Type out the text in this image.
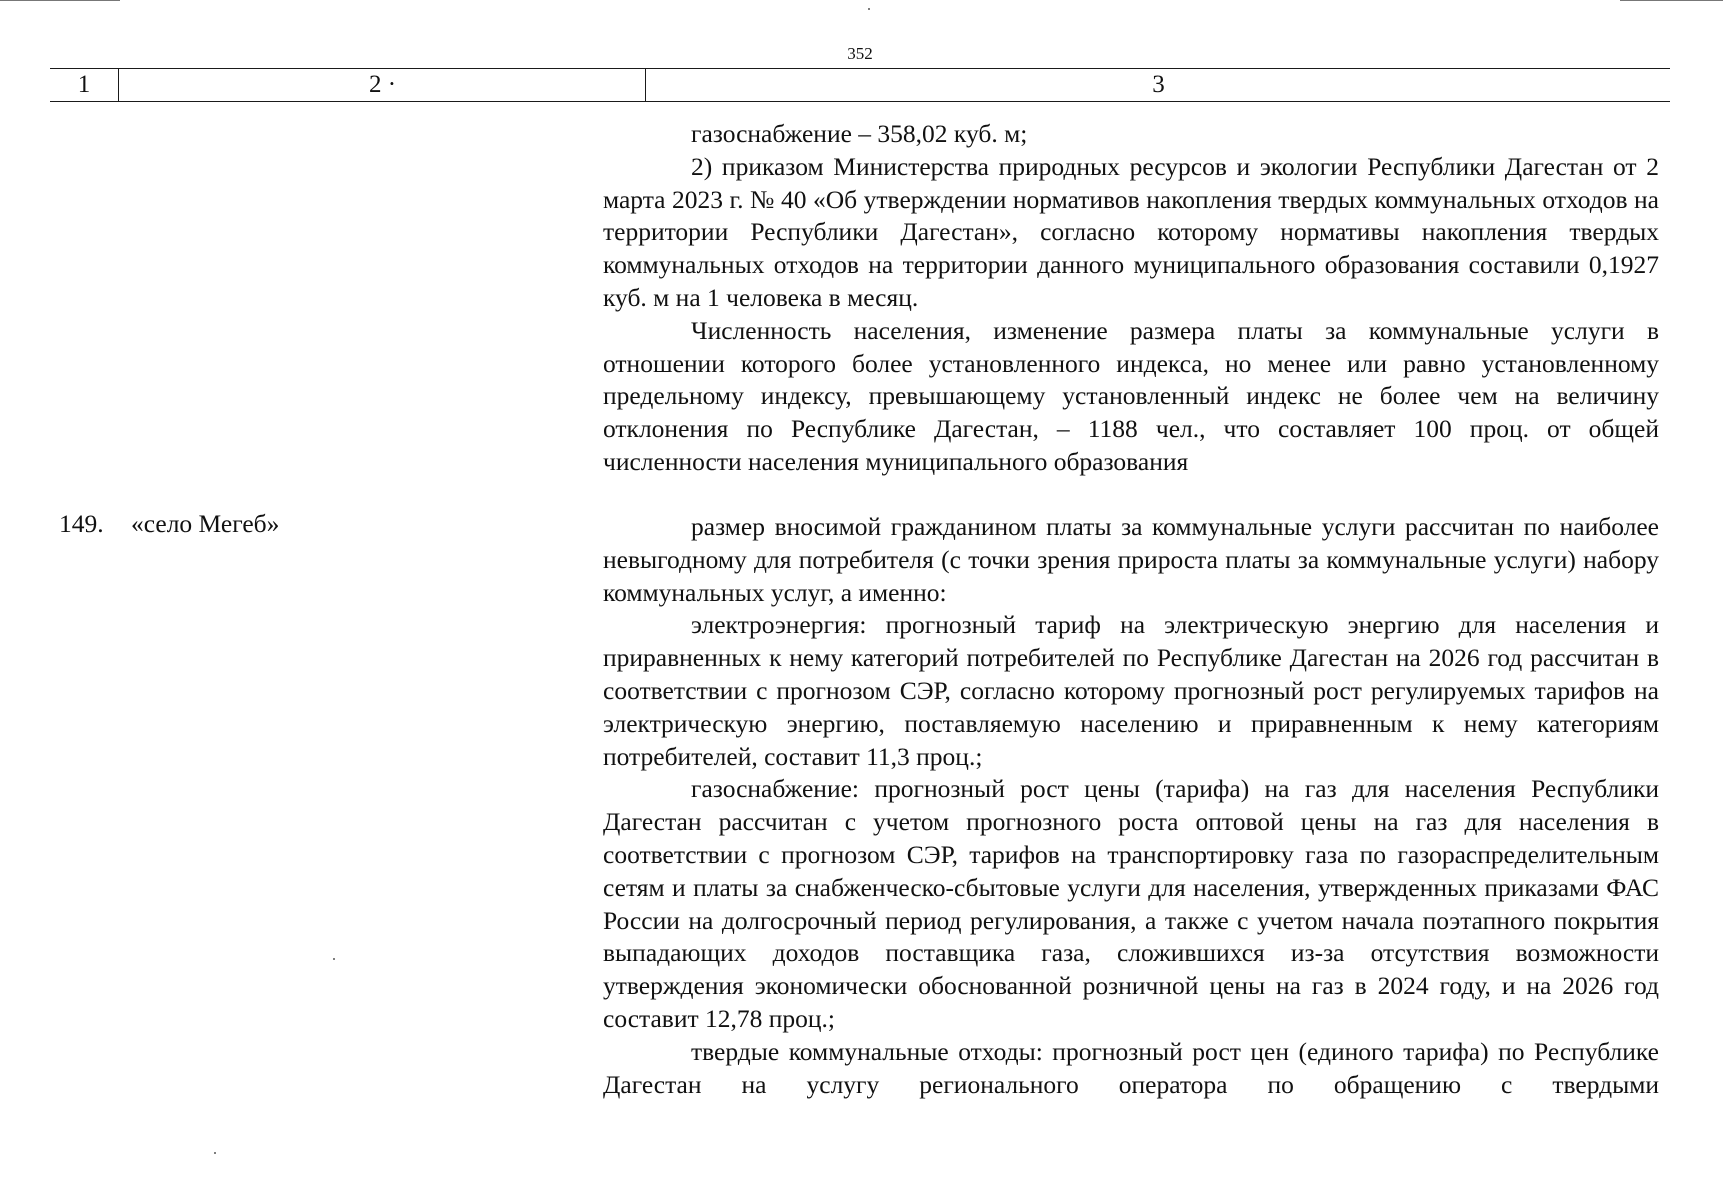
352
1	2 ·	3

газоснабжение – 358,02 куб. м;

2) приказом Министерства природных ресурсов и экологии Республики Дагестан от 2 марта 2023 г. № 40 «Об утверждении нормативов накопления твердых коммунальных отходов на территории Республики Дагестан», согласно которому нормативы накопления твердых коммунальных отходов на территории данного муниципального образования составили 0,1927 куб. м на 1 человека в месяц.

Численность населения, изменение размера платы за коммунальные услуги в отношении которого более установленного индекса, но менее или равно установленному предельному индексу, превышающему установленный индекс не более чем на величину отклонения по Республике Дагестан, – 1188 чел., что составляет 100 проц. от общей численности населения муниципального образования

149. «село Мегеб»	размер вносимой гражданином платы за коммунальные услуги рассчитан по наиболее невыгодному для потребителя (с точки зрения прироста платы за коммунальные услуги) набору коммунальных услуг, а именно:

электроэнергия: прогнозный тариф на электрическую энергию для населения и приравненных к нему категорий потребителей по Республике Дагестан на 2026 год рассчитан в соответствии с прогнозом СЭР, согласно которому прогнозный рост регулируемых тарифов на электрическую энергию, поставляемую населению и приравненным к нему категориям потребителей, составит 11,3 проц.;

газоснабжение: прогнозный рост цены (тарифа) на газ для населения Республики Дагестан рассчитан с учетом прогнозного роста оптовой цены на газ для населения в соответствии с прогнозом СЭР, тарифов на транспортировку газа по газораспределительным сетям и платы за снабженческо-сбытовые услуги для населения, утвержденных приказами ФАС России на долгосрочный период регулирования, а также с учетом начала поэтапного покрытия выпадающих доходов поставщика газа, сложившихся из-за отсутствия возможности утверждения экономически обоснованной розничной цены на газ в 2024 году, и на 2026 год составит 12,78 проц.;

твердые коммунальные отходы: прогнозный рост цен (единого тарифа) по Республике Дагестан на услугу регионального оператора по обращению с твердыми
